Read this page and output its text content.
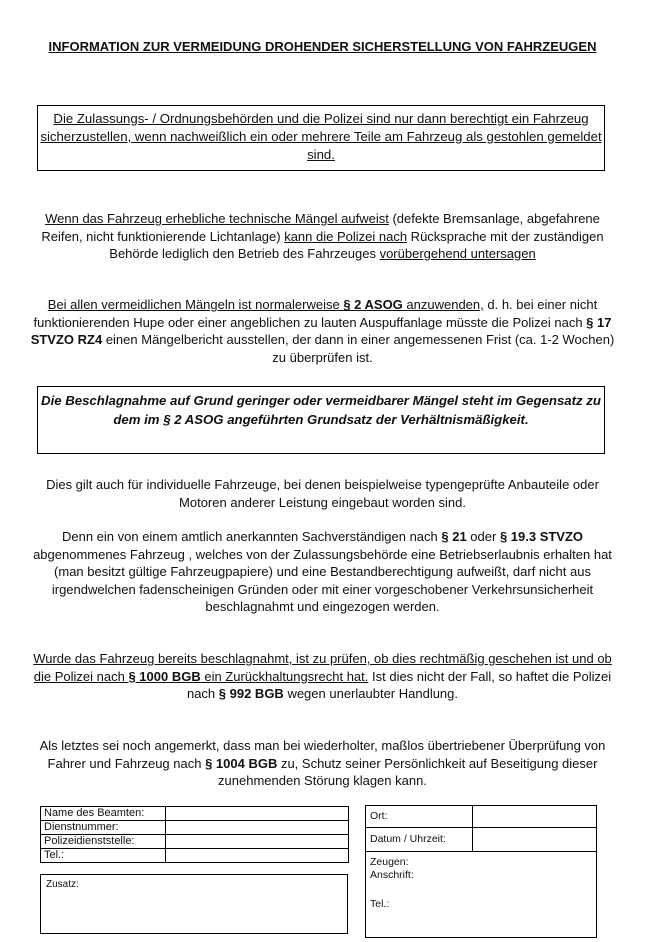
INFORMATION ZUR VERMEIDUNG DROHENDER SICHERSTELLUNG VON FAHRZEUGEN
Die Zulassungs- / Ordnungsbehörden und die Polizei sind nur dann berechtigt ein Fahrzeug sicherzustellen, wenn nachweißlich ein oder mehrere Teile am Fahrzeug als gestohlen gemeldet sind.
Wenn das Fahrzeug erhebliche technische Mängel aufweist (defekte Bremsanlage, abgefahrene Reifen, nicht funktionierende Lichtanlage) kann die Polizei nach Rücksprache mit der zuständigen Behörde lediglich den Betrieb des Fahrzeuges vorübergehend untersagen
Bei allen vermeidlichen Mängeln ist normalerweise § 2 ASOG anzuwenden, d. h. bei einer nicht funktionierenden Hupe oder einer angeblichen zu lauten Auspuffanlage müsste die Polizei nach § 17 STVZO RZ4 einen Mängelbericht ausstellen, der dann in einer angemessenen Frist (ca. 1-2 Wochen) zu überprüfen ist.
Die Beschlagnahme auf Grund geringer oder vermeidbarer Mängel steht im Gegensatz zu dem im § 2 ASOG angeführten Grundsatz der Verhältnismäßigkeit.
Dies gilt auch für individuelle Fahrzeuge, bei denen beispielweise typengeprüfte Anbauteile oder Motoren anderer Leistung eingebaut worden sind.
Denn ein von einem amtlich anerkannten Sachverständigen nach § 21 oder § 19.3 STVZO abgenommenes Fahrzeug , welches von der Zulassungsbehörde eine Betriebserlaubnis erhalten hat (man besitzt gültige Fahrzeugpapiere) und eine Bestandberechtigung aufweißt, darf nicht aus irgendwelchen fadenscheinigen Gründen oder mit einer vorgeschobener Verkehrsunsicherheit beschlagnahmt und eingezogen werden.
Wurde das Fahrzeug bereits beschlagnahmt, ist zu prüfen, ob dies rechtmäßig geschehen ist und ob die Polizei nach § 1000 BGB ein Zurückhaltungsrecht hat. Ist dies nicht der Fall, so haftet die Polizei nach § 992 BGB wegen unerlaubter Handlung.
Als letztes sei noch angemerkt, dass man bei wiederholter, maßlos übertriebener Überprüfung von Fahrer und Fahrzeug nach § 1004 BGB zu, Schutz seiner Persönlichkeit auf Beseitigung dieser zunehmenden Störung klagen kann.
Name des Beamten:	
Dienstnummer:	
Polizeidienststelle:	
Tel.:	
Zusatz:
Ort:
Datum / Uhrzeit:
Zeugen:
Anschrift:
Tel.:
